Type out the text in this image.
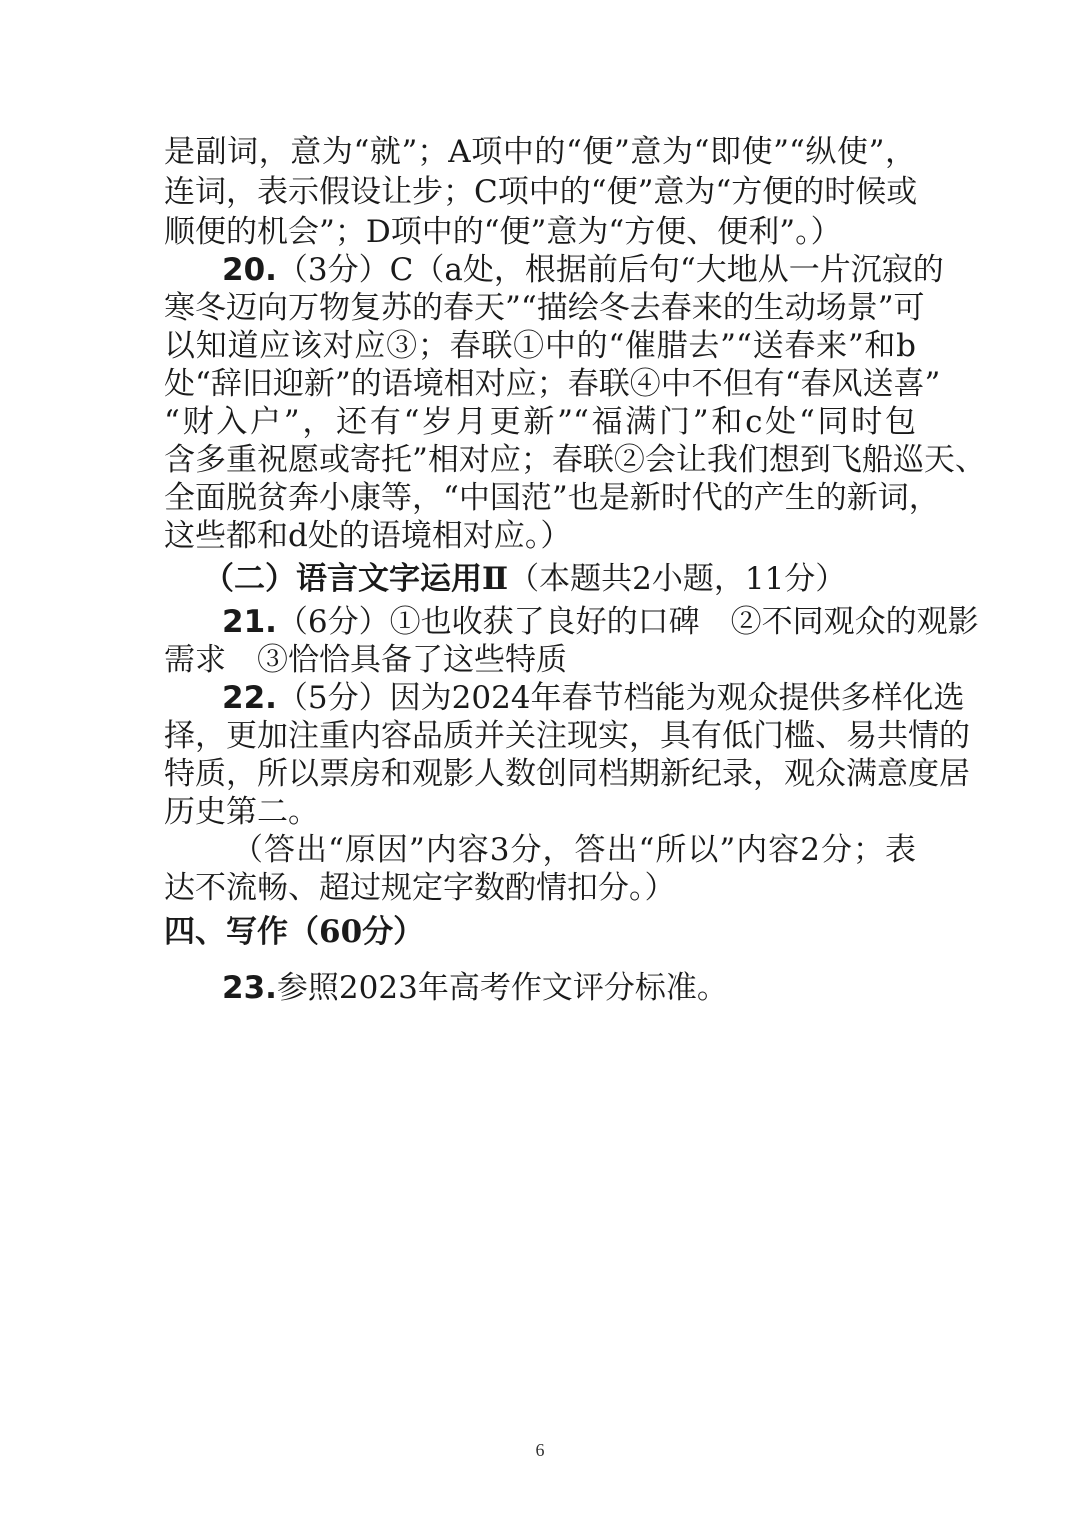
是副词，意为“就”；A项中的“便”意为“即使”“纵使”，
连词，表示假设让步；C项中的“便”意为“方便的时候或
顺便的机会”；D项中的“便”意为“方便、便利”。）
20.（3分）C（a处，根据前后句“大地从一片沉寂的
寒冬迈向万物复苏的春天”“描绘冬去春来的生动场景”可
以知道应该对应③；春联①中的“催腊去”“送春来”和b
处“辞旧迎新”的语境相对应；春联④中不但有“春风送喜”
“财入户”，还有“岁月更新”“福满门”和c处“同时包
含多重祝愿或寄托”相对应；春联②会让我们想到飞船巡天、
全面脱贫奔小康等，“中国范”也是新时代的产生的新词，
这些都和d处的语境相对应。）
（二）语言文字运用Ⅱ（本题共2小题，11分）
21.（6分）①也收获了良好的口碑　②不同观众的观影
需求　③恰恰具备了这些特质
22.（5分）因为2024年春节档能为观众提供多样化选
择，更加注重内容品质并关注现实，具有低门槛、易共情的
特质，所以票房和观影人数创同档期新纪录，观众满意度居
历史第二。
（答出“原因”内容3分，答出“所以”内容2分；表
达不流畅、超过规定字数酌情扣分。）
四、写作（60分）
23.参照2023年高考作文评分标准。
6
